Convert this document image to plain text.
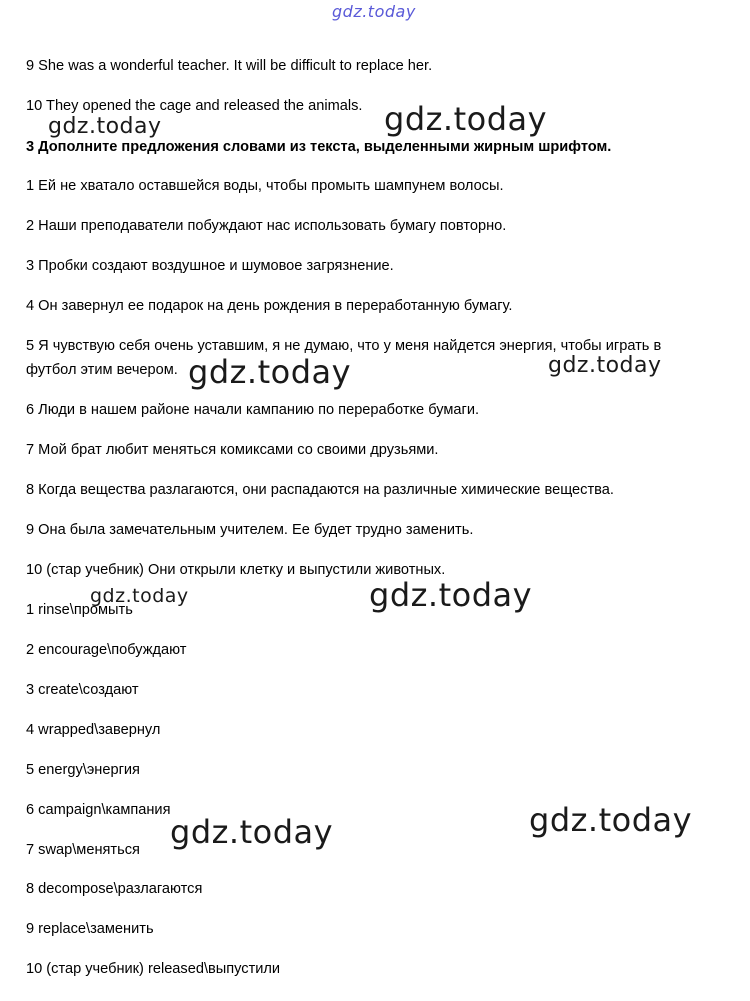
gdz.today
9 She was a wonderful teacher. It will be difficult to replace her.
10 They opened the cage and released the animals.
3 Дополните предложения словами из текста, выделенными жирным шрифтом.
1 Ей не хватало оставшейся воды, чтобы промыть шампунем волосы.
2 Наши преподаватели побуждают нас использовать бумагу повторно.
3 Пробки создают воздушное и шумовое загрязнение.
4 Он завернул ее подарок на день рождения в переработанную бумагу.
5 Я чувствую себя очень уставшим, я не думаю, что у меня найдется энергия, чтобы играть в
футбол этим вечером.
6 Люди в нашем районе начали кампанию по переработке бумаги.
7 Мой брат любит меняться комиксами со своими друзьями.
8 Когда вещества разлагаются, они распадаются на различные химические вещества.
9 Она была замечательным учителем. Ее будет трудно заменить.
10 (стар учебник) Они открыли клетку и выпустили животных.
1 rinse\промыть
2 encourage\побуждают
3 create\создают
4 wrapped\завернул
5 energy\энергия
6 campaign\кампания
7 swap\меняться
8 decompose\разлагаются
9 replace\заменить
10 (стар учебник) released\выпустили
gdz.today	gdz.today
gdz.today	gdz.today
gdz.today	gdz.today
gdz.today	gdz.today
